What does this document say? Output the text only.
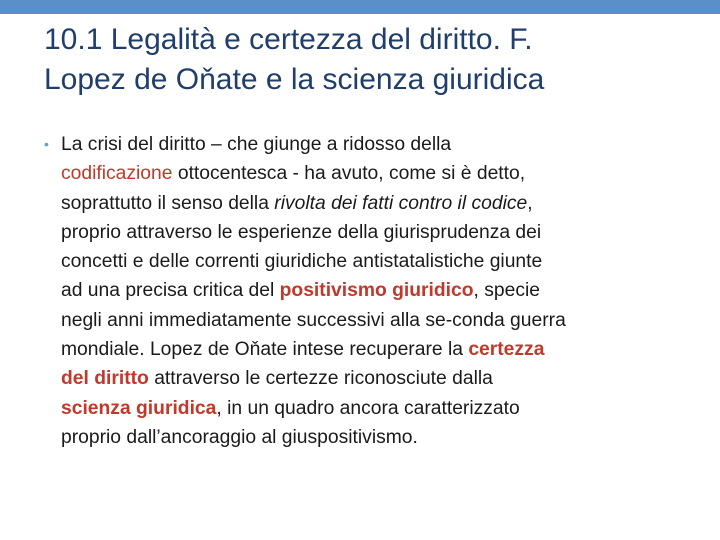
10.1 Legalità e certezza del diritto. F.
Lopez de Oňate e la scienza giuridica
• La crisi del diritto – che giunge a ridosso della
codificazione ottocentesca - ha avuto, come si è detto,
soprattutto il senso della rivolta dei fatti contro il codice,
proprio attraverso le esperienze della giurisprudenza dei
concetti e delle correnti giuridiche antistatalistiche giunte
ad una precisa critica del positivismo giuridico, specie
negli anni immediatamente successivi alla se-conda guerra
mondiale. Lopez de Oňate intese recuperare la certezza
del diritto attraverso le certezze riconosciute dalla
scienza giuridica, in un quadro ancora caratterizzato
proprio dall’ancoraggio al giuspositivismo.
